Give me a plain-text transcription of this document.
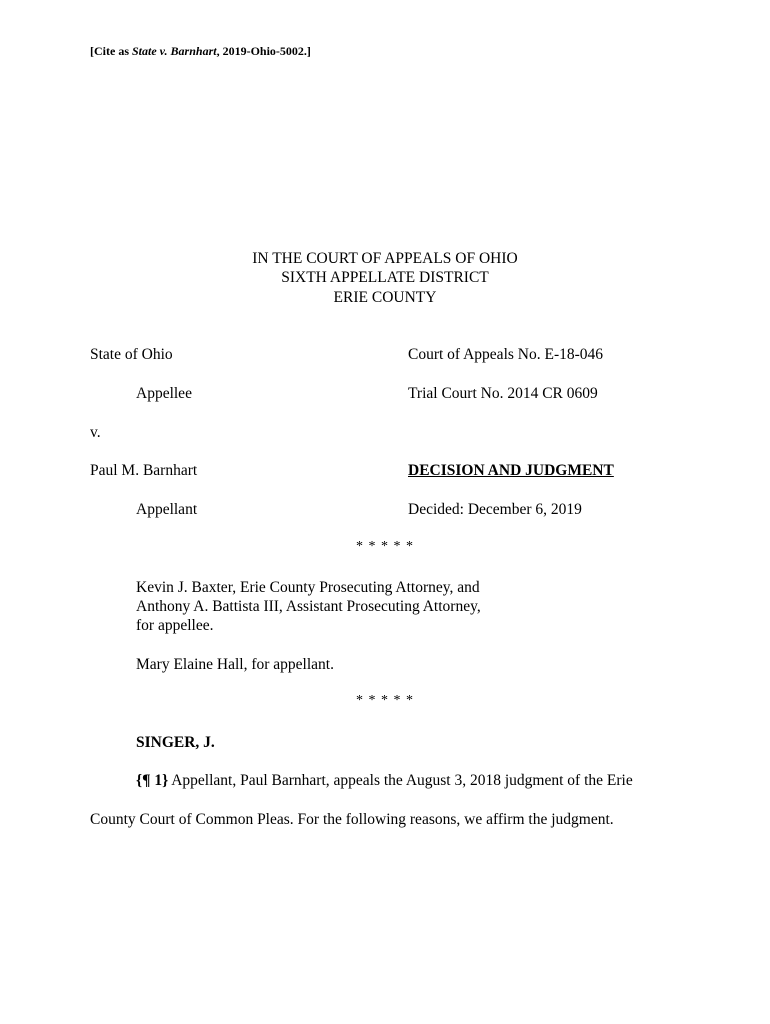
[Cite as State v. Barnhart, 2019-Ohio-5002.]
IN THE COURT OF APPEALS OF OHIO
SIXTH APPELLATE DISTRICT
ERIE COUNTY
State of Ohio	Court of Appeals No. E-18-046
Appellee	Trial Court No. 2014 CR 0609
v.
Paul M. Barnhart	DECISION AND JUDGMENT
Appellant	Decided: December 6, 2019
* * * * *
Kevin J. Baxter, Erie County Prosecuting Attorney, and
Anthony A. Battista III, Assistant Prosecuting Attorney,
for appellee.
Mary Elaine Hall, for appellant.
* * * * *
SINGER, J.
{¶ 1} Appellant, Paul Barnhart, appeals the August 3, 2018 judgment of the Erie
County Court of Common Pleas. For the following reasons, we affirm the judgment.
